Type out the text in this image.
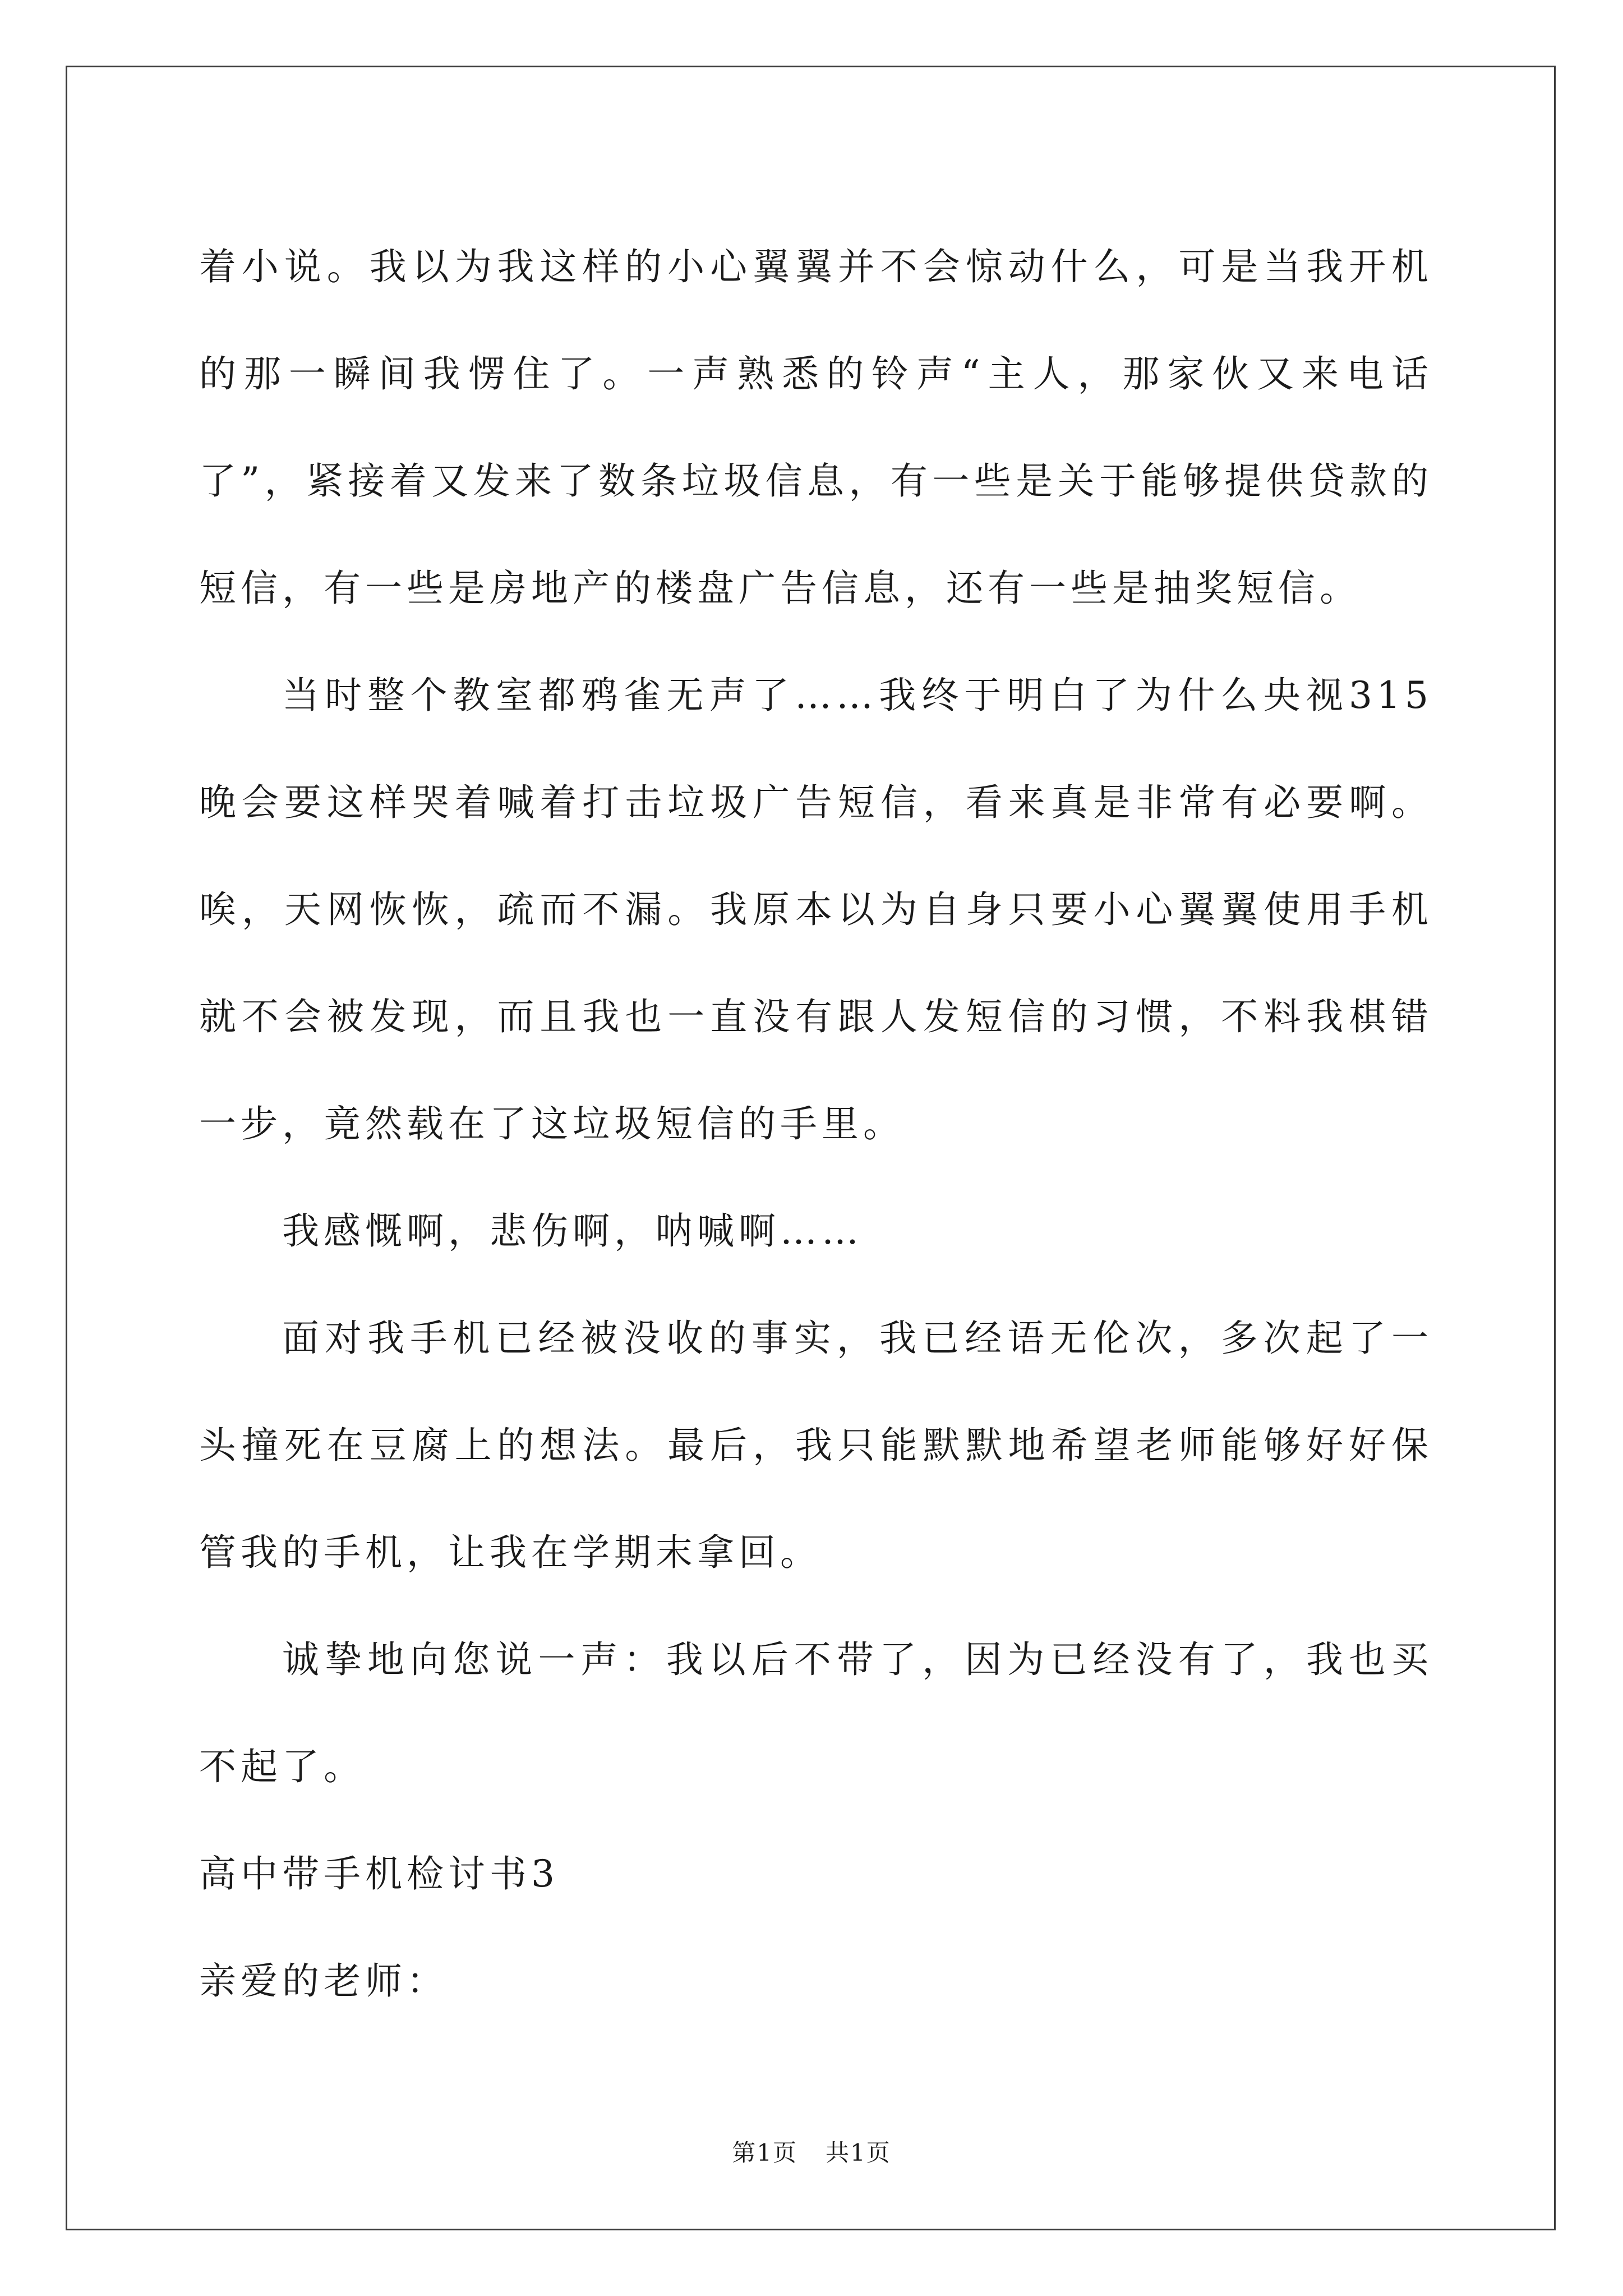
着小说。我以为我这样的小心翼翼并不会惊动什么，可是当我开机的那一瞬间我愣住了。一声熟悉的铃声“主人，那家伙又来电话了”，紧接着又发来了数条垃圾信息，有一些是关于能够提供贷款的短信，有一些是房地产的楼盘广告信息，还有一些是抽奖短信。

当时整个教室都鸦雀无声了……我终于明白了为什么央视315晚会要这样哭着喊着打击垃圾广告短信，看来真是非常有必要啊。唉，天网恢恢，疏而不漏。我原本以为自身只要小心翼翼使用手机就不会被发现，而且我也一直没有跟人发短信的习惯，不料我棋错一步，竟然载在了这垃圾短信的手里。

我感慨啊，悲伤啊，呐喊啊……

面对我手机已经被没收的事实，我已经语无伦次，多次起了一头撞死在豆腐上的想法。最后，我只能默默地希望老师能够好好保管我的手机，让我在学期末拿回。

诚挚地向您说一声：我以后不带了，因为已经没有了，我也买不起了。

高中带手机检讨书3

亲爱的老师：

第1页 共1页
